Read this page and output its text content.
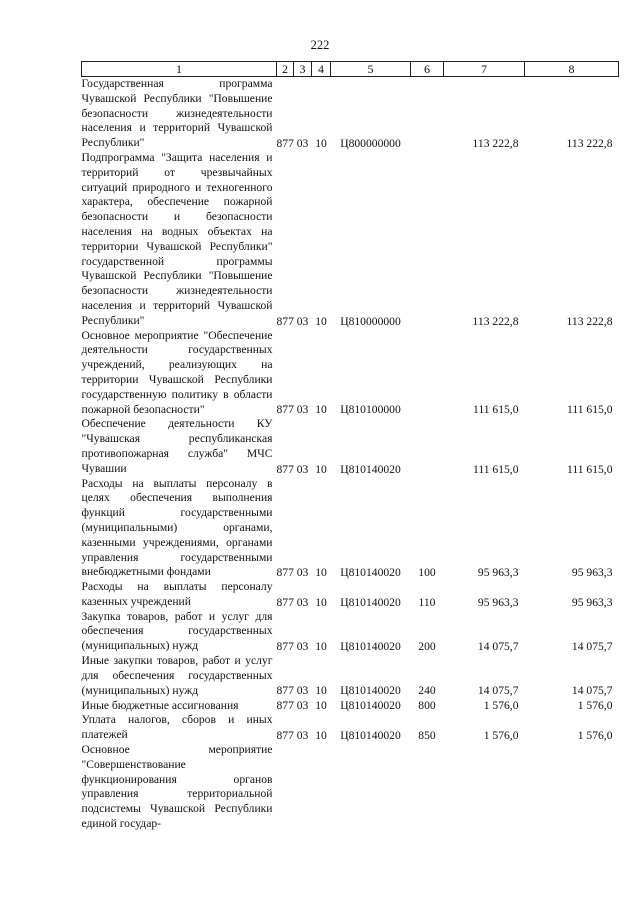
222
1	2	3	4	5	6	7	8
Государственная программа Чувашской Республики "Повышение безопасности жизнедеятельности населения и территорий Чувашской Республики"	877	03	10	Ц800000000		113 222,8	113 222,8
Подпрограмма "Защита населения и территорий от чрезвычайных ситуаций природного и техногенного характера, обеспечение пожарной безопасности и безопасности населения на водных объектах на территории Чувашской Республики" государственной программы Чувашской Республики "Повышение безопасности жизнедеятельности населения и территорий Чувашской Республики"	877	03	10	Ц810000000		113 222,8	113 222,8
Основное мероприятие "Обеспечение деятельности государственных учреждений, реализующих на территории Чувашской Республики государственную политику в области пожарной безопасности"	877	03	10	Ц810100000		111 615,0	111 615,0
Обеспечение деятельности КУ "Чувашская республиканская противопожарная служба" МЧС Чувашии	877	03	10	Ц810140020		111 615,0	111 615,0
Расходы на выплаты персоналу в целях обеспечения выполнения функций государственными (муниципальными) органами, казенными учреждениями, органами управления государственными внебюджетными фондами	877	03	10	Ц810140020	100	95 963,3	95 963,3
Расходы на выплаты персоналу казенных учреждений	877	03	10	Ц810140020	110	95 963,3	95 963,3
Закупка товаров, работ и услуг для обеспечения государственных (муниципальных) нужд	877	03	10	Ц810140020	200	14 075,7	14 075,7
Иные закупки товаров, работ и услуг для обеспечения государственных (муниципальных) нужд	877	03	10	Ц810140020	240	14 075,7	14 075,7
Иные бюджетные ассигнования	877	03	10	Ц810140020	800	1 576,0	1 576,0
Уплата налогов, сборов и иных платежей	877	03	10	Ц810140020	850	1 576,0	1 576,0
Основное мероприятие "Совершенствование функционирования органов управления территориальной подсистемы Чувашской Республики единой государ-							
